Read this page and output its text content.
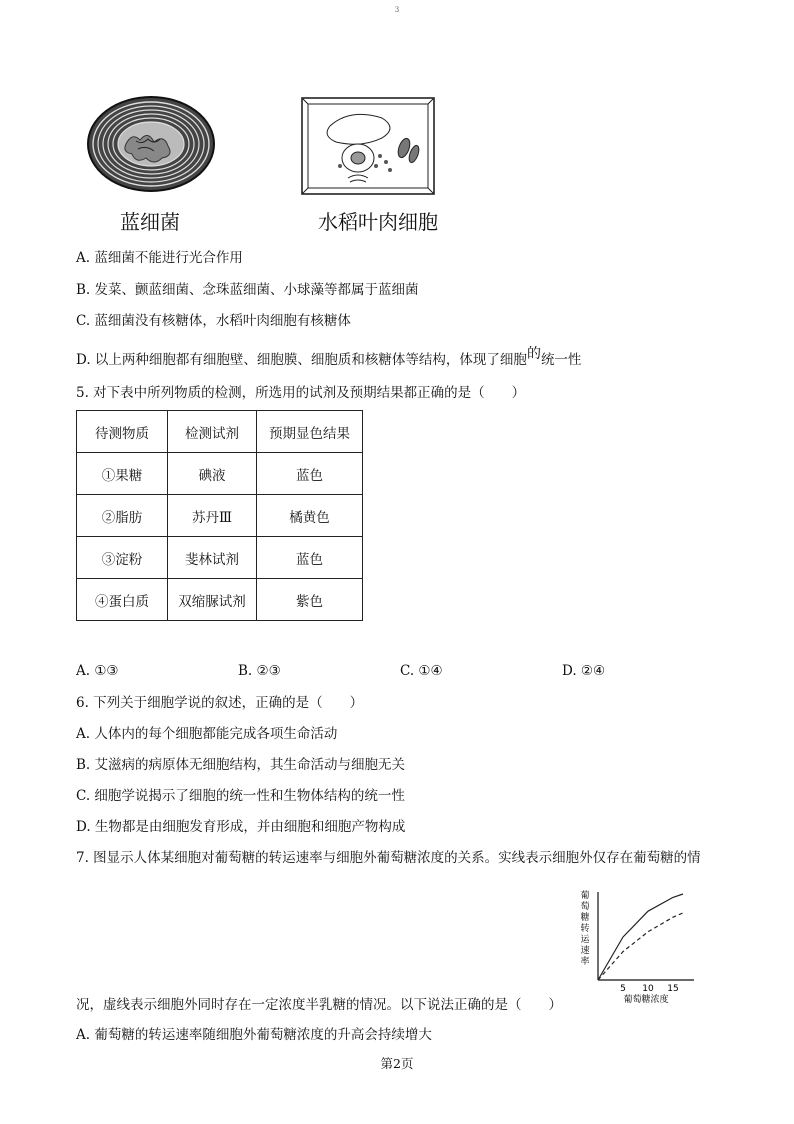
3
蓝细菌	水稻叶肉细胞
A. 蓝细菌不能进行光合作用
B. 发菜、颤蓝细菌、念珠蓝细菌、小球藻等都属于蓝细菌
C. 蓝细菌没有核糖体，水稻叶肉细胞有核糖体
D. 以上两种细胞都有细胞壁、细胞膜、细胞质和核糖体等结构，体现了细胞的统一性
5. 对下表中所列物质的检测，所选用的试剂及预期结果都正确的是（　　）
待测物质	检测试剂	预期显色结果
①果糖	碘液	蓝色
②脂肪	苏丹Ⅲ	橘黄色
③淀粉	斐林试剂	蓝色
④蛋白质	双缩脲试剂	紫色
A. ①③	B. ②③	C. ①④	D. ②④
6. 下列关于细胞学说的叙述，正确的是（　　）
A. 人体内的每个细胞都能完成各项生命活动
B. 艾滋病的病原体无细胞结构，其生命活动与细胞无关
C. 细胞学说揭示了细胞的统一性和生物体结构的统一性
D. 生物都是由细胞发育形成，并由细胞和细胞产物构成
7. 图显示人体某细胞对葡萄糖的转运速率与细胞外葡萄糖浓度的关系。实线表示细胞外仅存在葡萄糖的情
葡
萄
糖
转
运
速
率
5 10 15
葡萄糖浓度
况，虚线表示细胞外同时存在一定浓度半乳糖的情况。以下说法正确的是（　　）
A. 葡萄糖的转运速率随细胞外葡萄糖浓度的升高会持续增大
第2页
